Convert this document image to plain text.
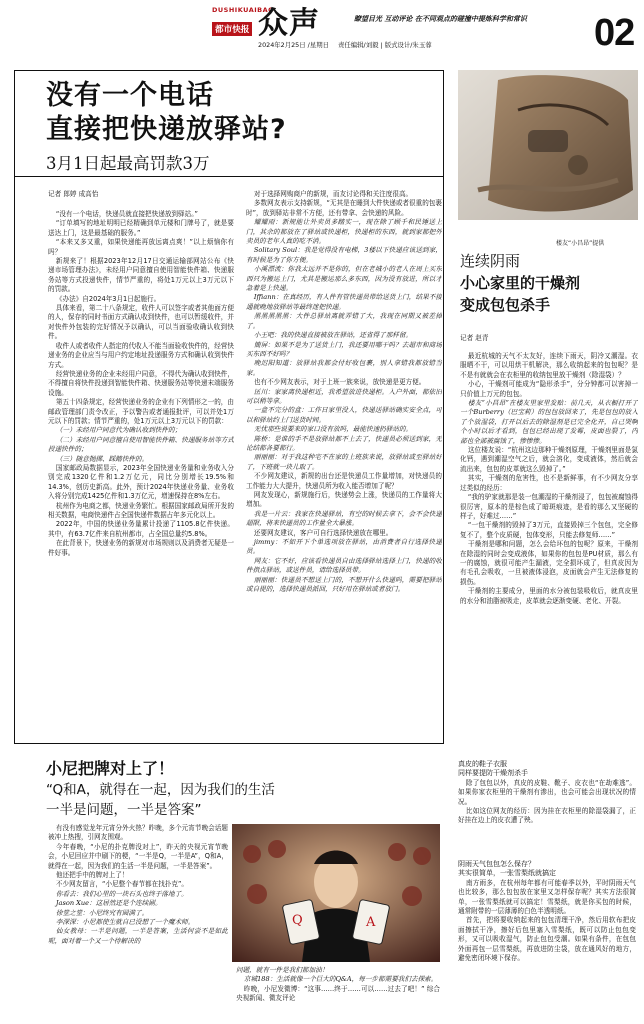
DUSHIKUAIBAO
都市快报 众声	瞭望目光 互动评论 在不同观点的碰撞中提炼科学和常识
2024年2月25日 /星期日 责任编辑/刘毅 | 版式设计/朱玉蓉	02
没有一个电话
直接把快递放驿站?
3月1日起最高罚款3万
记者 郎婷 成高怡

“没有一个电话，快递员就直接把快递放到驿站。”

“订单填写的地址明明已经精确到单元楼和门牌号了，就是要送达上门，这是最基础的服务。”

“本来又多又重，如果快递能再放远离点爽！”以上烦恼你有吗？

新规来了！根据2023年12月17日交通运输部网站公布《快递市场管理办法》，未经用户同意擅自使用智能快件箱、快递服务站等方式投递快件，情节严重的，将处1万元以上3万元以下的罚款。

《办法》自2024年3月1日起施行。

具体来看，第二十八条规定，收件人可以签字或者其他面方便的人，保存的同时书面方式确认收到快件，也可以暂缓收件，并对快件外包装的完好情况予以确认，可以当面验收确认收到快件。

收件人或者收件人指定的代收人不能当面验收快件的，经营快递业务的企业应当与用户约定地址投递服务方式和确认收到快件方式。

经营快递业务的企业未经用户同意，不得代为确认收到快件，不得擅自将快件投递到智能快件箱、快递服务站等快递末端服务设施。

第五十四条规定，经营快递业务的企业有下列情形之一的，由邮政管理部门责令改正，予以警告或者通报批评，可以并处1万元以下的罚款；情节严重的，处1万元以上3万元以下的罚款：

（一）未经用户同意代为确认收到快件的；

（二）未经用户同意擅自使用智能快件箱、快递服务站等方式投递快件的；

（三）随意抛掷、踩踏快件的。

国家邮政局数据显示，2023年全国快递业务量和业务收入分别完成1320亿件和1.2万亿元，同比分别增长19.5%和14.3%，创历史新高。此外，预计2024年快递业务量、业务收入将分别完成1425亿件和1.3万亿元，增速保持在8%左右。

杭州作为电商之都，快递业务繁忙。根据国家邮政局所开发的相关数据，电商快递件占全国快递件数据占年多元化以上。

2022年，中国的快递业务量累计投递了1105.8亿件快递。其中，有63.7亿件来自杭州都市，占全国总量约5.8%。

在此背景下，快递业务的新规对市场规则以及消费者无疑是一件好事。

对于选择网购商户的新规，而友讨论得和关注度很高。

多数网友表示支持新规，“无其是在睡到大件快递或者很重的包裹时”，放到驿站非常不方便，还有带拿、会快递的风险。

耀耀雨：新规能让外卖员多踏实一，现在除了顾千和民锤送上门，其余的都放在了驿站或快递柜，快递柜的东西，就到家都把外卖员的老年人真的吃不消。

Solitary Soul：我是觉得没有电梯，3楼以下快递应该送到家，有时候是为了你方便。

小溪漂流：你我太远并不是你的，但在老城小的老人在周上买东西只为搬运上门，尤其是搬运那么多东西，因为没有放进，所以才急着是上快递。

Iffiann：在真经历，有人件有管快递员带给送货上门，结果不接通就晚地放驿站等最终迷把快递。

黑黑黑黑黑：大件总驿站离就弄错了大，我现在同期又被差掉了。

小王吧：我的快递直接被放在驿站，还省得了那样留。

簡屏：如果不是为了送货上门，我还要用哪干吗？去超市和商场买东西不好吗？

晚迟阳知道：放驿站我都会付好收包裹，别人拿错我都放错当家。

也有不少网友表示，对于上班一族来说，放快递是更方便。

匡川：家家离快递柜近，我希望放进快递柜。入户外面，都依旧可以稍等拿。

一盒不完分的盒：工作日家里没人，快递送驿站确实安全点，可以和驿站约上门送货时间。

无忧那些说要来的家口没有放吗，最能快速扔驿站的。

陈桥：是谁的手不是放驿站都不上去了，快递员必须送到家，无论结都各要都行。

丽丽丽：对于我这种宅不在家的上班族来说，放驿站或至驿站好了，下班就一块儿取了。

不少网友建议，新规的出台还是快递员工作量增加，对快递员的工作能力大大提升，快递员所为收入能否增加了呢？

网友发现心，新规施行后，快递势会上涨，快递员的工作量将大增加。

我是一片云：我家在快递驿站，有空的时候去拿下，会不会快递超限，将来快递员的工作量全大暴涨。

还要网友建议，客户可自行选择快递放在哪里。

jimmy：不如开下个单选项放在驿站，由消费者自行选择快递员。

网友：它不好，应该看快递员自由选择驿站选择上门，快递的收件指点驿站，或送件员，请给选择员带。

丽丽丽：快递员不想送上门的，不想开什么快递吗，需要把驿站或自提的，选择快递员派回，只好用在驿站或者放门。

楼友“小昌昂”提供
连续阴雨
小心家里的干燥剂
变成包包杀手
记者 赵青

最近杭城的天气不太友好，连续下雨天，阴冷又潮湿。衣服晒不干，可以用烘干机解决，那么收纳起来的包包呢？是不是有就就会在衣柜里的收纳包里放干燥剂（除湿袋）？

小心，干燥剂可能成为“隐形杀手”，分分钟都可以害掉一只价值上万元的包包。

楼友“小昌昂”在楼友里家里发贴：前几天，从衣橱打开了一个Burberry（巴宝莉）的包包放回来了，先是包包的放入了个放湿袋，打开以后去的除湿剂是已完全化开，自己哭啊个小时以后才看到，包包已经出现了发霉，皮面也裂了，内部也全部被腐蚀了，惨惨惨。

这位楼友说：“杭州这边那种干燥剂原理，干燥剂里面是氯化钙，遇到潮湿空气之后，就会溶化，变成液体，然后就会流出来，包包的皮革就这么毁掉了。”

其实，干燥剂的危害性，也不是新鲜事，有不少网友分享过类似的经历：

“我的驴家就那是装一包潮湿的干燥剂浸了，包包被腐蚀得很厉害，原本的是棕色成了暗斑痕迹，是看的那么又坚硬的样子，好难过……”

“一包干燥剂的毁掉了3万元，直接毁掉三个包包，完全修复不了，整个皮质硬，包体变形，只能去修复师……”

干燥剂是哪和问题，怎么会给坏包的包呢？原来，干燥剂在除湿的同时会变成液体，如果你的包包是PU材质，那么有一的腐蚀，就很可能产生漏液，完全损坏成了，但真皮因为有毛孔会吸收，一旦被液体浸泡，皮面就会产生无法修复的损伤。

干燥剂的主要成分，里面的水分被包装吸收后，就真皮里的水分和油脂被吸走，皮革就会逐渐变硬、老化、开裂。

真皮的鞋子衣服
同样要提防干燥剂杀手

除了包包以外，真皮的皮鞋、靴子、皮衣也“在劫难逃”。如果你家衣柜里的干燥剂有渗出，也会可能会出现状况的情况。

比如这位网友的经历：因为挂在衣柜里的除湿袋漏了，正好挂在边上的皮衣遭了殃。

阴雨天气包包怎么保存？
其实很简单，一张雪梨纸就搞定

南方雨多，在杭州每年都有可能春季以外，平时阴雨天气也比较多，那么包包放在家里又怎样保存呢？其实方法很简单，一张雪梨纸就可以搞定！雪梨纸，就是你买包的时候，通常附带的一层薄薄的白色半透明纸。

首先，把将要收纳起来的包包清理干净，然后用软布把皮面擦拭干净，擦好后包里塞入雪梨纸，既可以防止包包变形，又可以吸收湿气，防止包包受潮。如果有条件，在包包外面再包一层雪梨纸，再放进防尘袋，放在通风好的地方，避免密闭环境下保存。

小尼把牌对上了！
“Q和A，就得在一起，因为我们的生活
一半是问题，一半是答案”

有没有感觉龙年元宵分外火热？昨晚，多个元宵节晚会话题被冲上热搜，引网友围观。

今年春晚，“小尼的扑克牌没对上”，昨天的央视元宵节晚会，小尼回应并中刷下的梗，“一半是Q，一半是A”，Q和A，就得在一起，因为我们的生活一半是问题，一半是答案”。

他还把手中的牌对上了！

不少网友留言，“小尼整个春节都在找扑克”。

你看去：我们心里的一块石头也终于落地了。

Jason Xue：这居然还是个连续剧。

徐堂之堂：小尼终究有圆满了。

李深深：小尼都使生就自已没想了一个魔术师。

仙女教母：一半是问题，一半是答案，生活何尝不是如此呢，面对着一个又一个待解决的

Q	A

问题，就有一件是我们都加油！

京城188：生活就像一个巨大的Q&A，每一步都需要我们去探索。

昨晚，小尼发微博：“这事……终于……可以……过去了吧！” 综合央视新闻、微友评论
